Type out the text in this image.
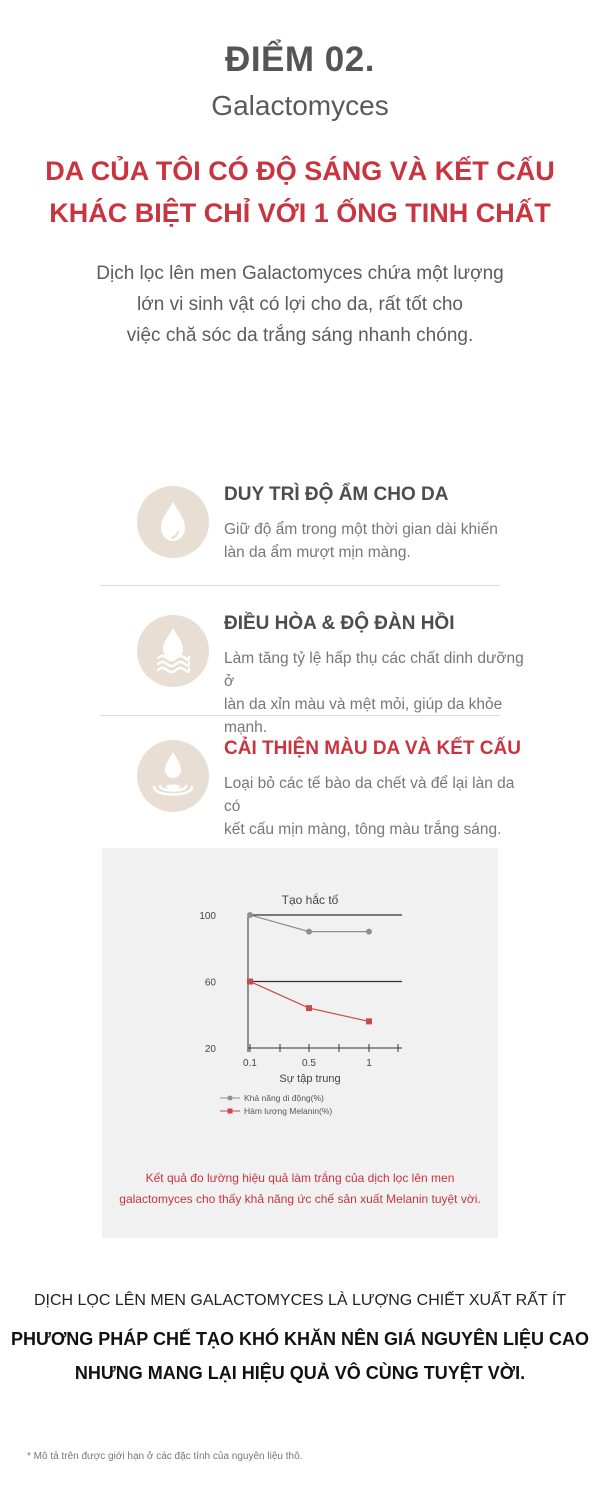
ĐIỂM 02.
Galactomyces
DA CỦA TÔI CÓ ĐỘ SÁNG VÀ KẾT CẤU
KHÁC BIỆT CHỈ VỚI 1 ỐNG TINH CHẤT
Dịch lọc lên men Galactomyces chứa một lượng
lớn vi sinh vật có lợi cho da, rất tốt cho
việc chă sóc da trắng sáng nhanh chóng.
DUY TRÌ ĐỘ ẨM CHO DA
Giữ độ ẩm trong một thời gian dài khiến
làn da ẩm mượt mịn màng.
ĐIỀU HÒA & ĐỘ ĐÀN HỒI
Làm tăng tỷ lệ hấp thụ các chất dinh dưỡng ở
làn da xỉn màu và mệt mỏi, giúp da khỏe mạnh.
CẢI THIỆN MÀU DA VÀ KẾT CẤU
Loại bỏ các tế bào da chết và để lại làn da có
kết cấu mịn màng, tông màu trắng sáng.
Tạo hắc tố
100
60
20
0.1	0.5	1
Sự tập trung
Khả năng di động(%)
Hàm lượng Melanin(%)
Kết quả đo lường hiệu quả làm trắng của dịch lọc lên men
galactomyces cho thấy khả năng ức chế sản xuất Melanin tuyệt vời.
DỊCH LỌC LÊN MEN GALACTOMYCES LÀ LƯỢNG CHIẾT XUẤT RẤT ÍT
PHƯƠNG PHÁP CHẾ TẠO KHÓ KHĂN NÊN GIÁ NGUYÊN LIỆU CAO
NHƯNG MANG LẠI HIỆU QUẢ VÔ CÙNG TUYỆT VỜI.
* Mô tả trên được giới hạn ở các đặc tính của nguyên liệu thô.
